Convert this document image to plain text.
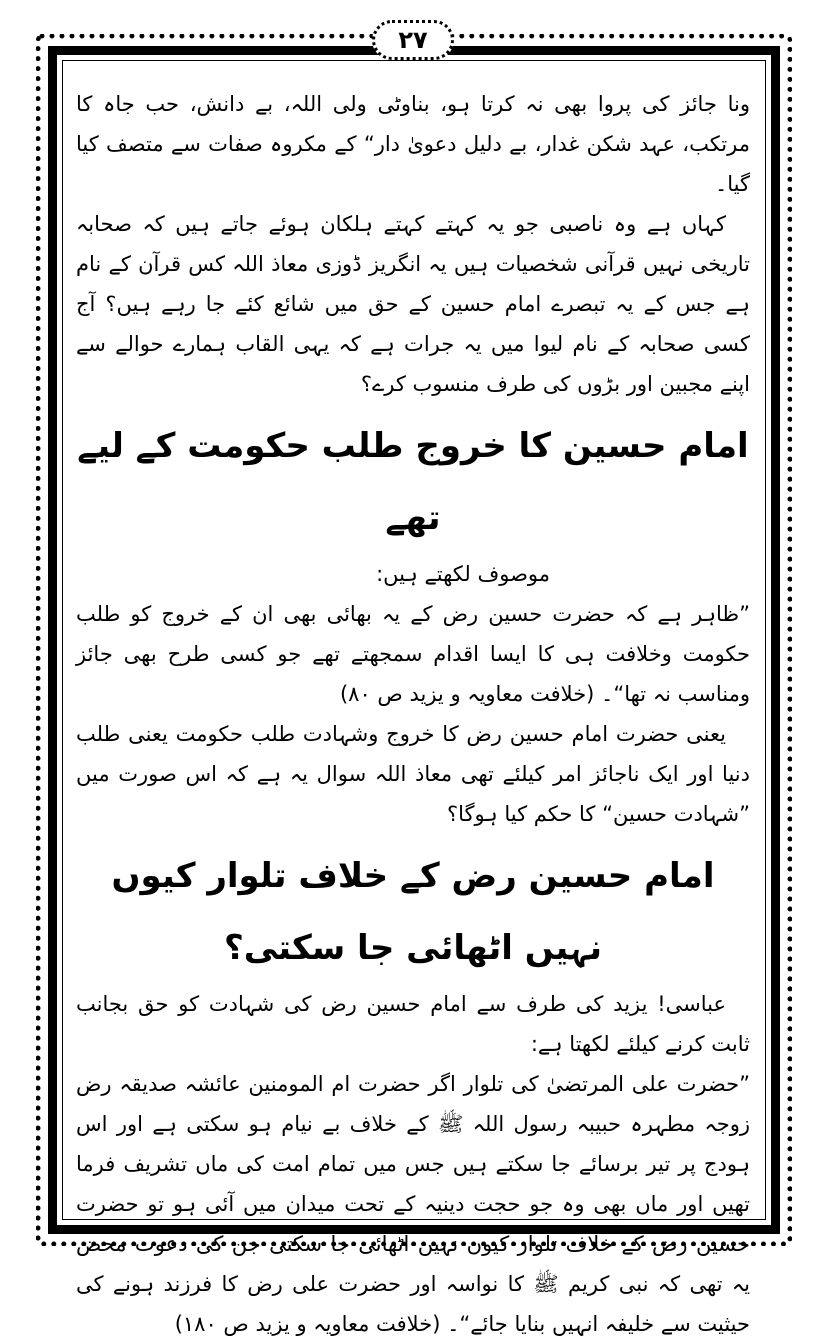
۲۷

ونا جائز کی پروا بھی نہ کرتا ہو، بناوٹی ولی اللہ، بے دانش، حب جاہ کا مرتکب، عہد شکن غدار، بے دلیل دعویٰ دار“ کے مکروہ صفات سے متصف کیا گیا۔

کہاں ہے وہ ناصبی جو یہ کہتے کہتے ہلکان ہوئے جاتے ہیں کہ صحابہ تاریخی نہیں قرآنی شخصیات ہیں یہ انگریز ڈوزی معاذ اللہ کس قرآن کے نام ہے جس کے یہ تبصرے امام حسین کے حق میں شائع کئے جا رہے ہیں؟ آج کسی صحابہ کے نام لیوا میں یہ جرات ہے کہ یہی القاب ہمارے حوالے سے اپنے مجبین اور بڑوں کی طرف منسوب کرے؟

امام حسین کا خروج طلب حکومت کے لیے تھے

موصوف لکھتے ہیں:

”ظاہر ہے کہ حضرت حسین رض کے یہ بھائی بھی ان کے خروج کو طلب حکومت وخلافت ہی کا ایسا اقدام سمجھتے تھے جو کسی طرح بھی جائز ومناسب نہ تھا“۔ (خلافت معاویہ و یزید ص ۸۰)

یعنی حضرت امام حسین رض کا خروج وشہادت طلب حکومت یعنی طلب دنیا اور ایک ناجائز امر کیلئے تھی معاذ اللہ سوال یہ ہے کہ اس صورت میں ”شہادت حسین“ کا حکم کیا ہوگا؟

امام حسین رض کے خلاف تلوار کیوں نہیں اٹھائی جا سکتی؟

عباسی! یزید کی طرف سے امام حسین رض کی شہادت کو حق بجانب ثابت کرنے کیلئے لکھتا ہے:

”حضرت علی المرتضیٰ کی تلوار اگر حضرت ام المومنین عائشہ صدیقہ رض زوجہ مطہرہ حبیبہ رسول اللہ ﷺ کے خلاف بے نیام ہو سکتی ہے اور اس ہودج پر تیر برسائے جا سکتے ہیں جس میں تمام امت کی ماں تشریف فرما تھیں اور ماں بھی وہ جو حجت دینیہ کے تحت میدان میں آئی ہو تو حضرت حسین رض کے خلاف تلوار کیوں نہیں اٹھائی جا سکتی جن کی دعوت محض یہ تھی کہ نبی کریم ﷺ کا نواسہ اور حضرت علی رض کا فرزند ہونے کی حیثیت سے خلیفہ انہیں بنایا جائے“۔ (خلافت معاویہ و یزید ص ۱۸۰)
